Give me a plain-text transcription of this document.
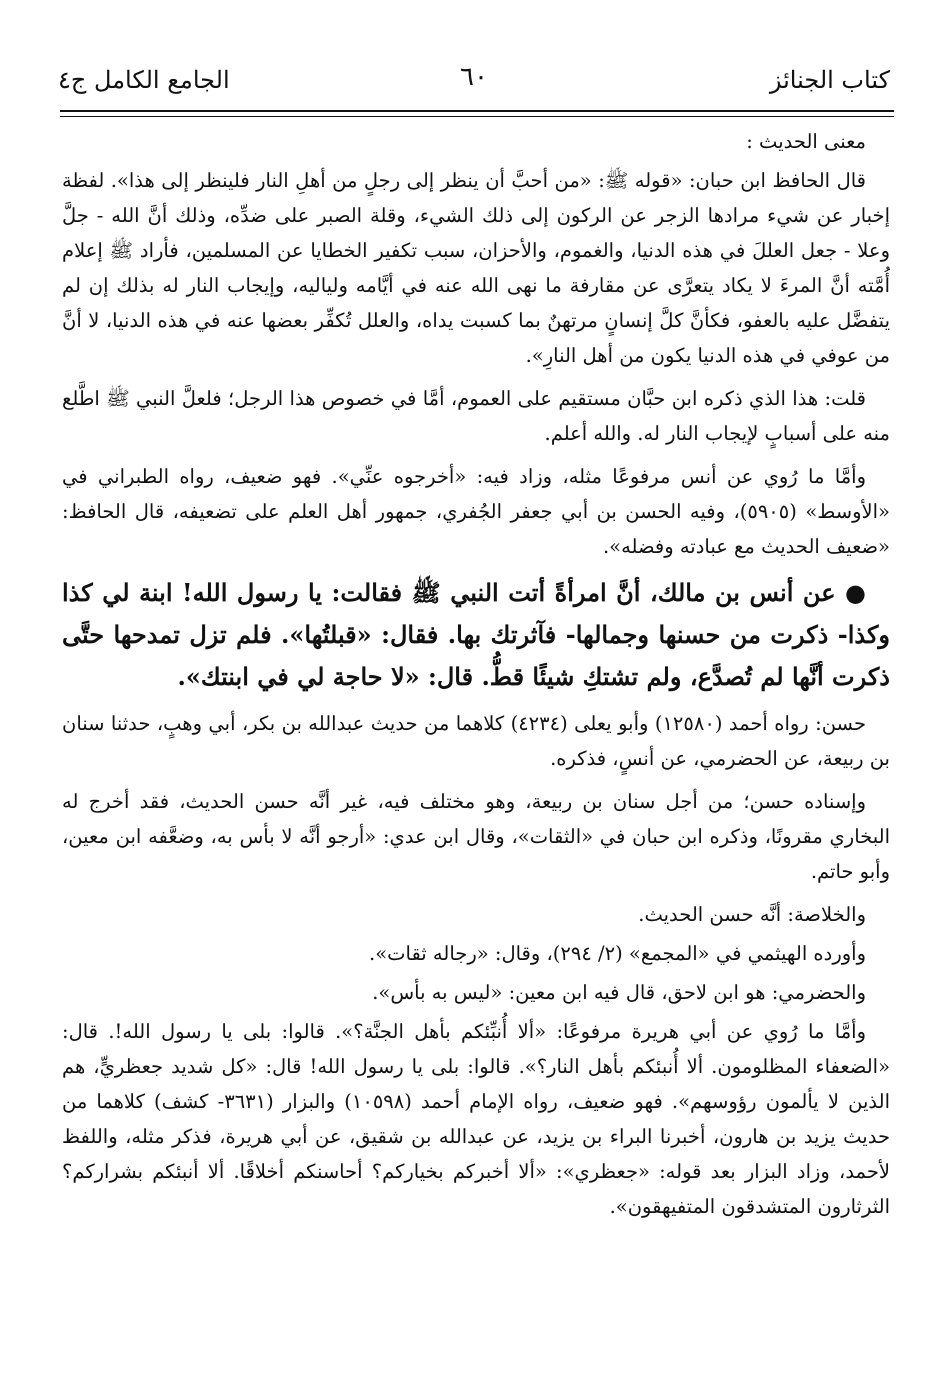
كتاب الجنائز
٦٠
الجامع الكامل ج٤

معنى الحديث :

قال الحافظ ابن حبان: «قوله ﷺ: «من أحبَّ أن ينظر إلى رجلٍ من أهلِ النار فلينظر إلى هذا». لفظة إخبار عن شيء مرادها الزجر عن الركون إلى ذلك الشيء، وقلة الصبر على ضدِّه، وذلك أنَّ الله - جلَّ وعلا - جعل العللَ في هذه الدنيا، والغموم، والأحزان، سبب تكفير الخطايا عن المسلمين، فأراد ﷺ إعلام أُمَّته أنَّ المرءَ لا يكاد يتعرَّى عن مقارفة ما نهى الله عنه في أيَّامه ولياليه، وإيجاب النار له بذلك إن لم يتفضَّل عليه بالعفو، فكأنَّ كلَّ إنسانٍ مرتهنٌ بما كسبت يداه، والعلل تُكفِّر بعضها عنه في هذه الدنيا، لا أنَّ من عوفي في هذه الدنيا يكون من أهل النارِ».

قلت: هذا الذي ذكره ابن حبَّان مستقيم على العموم، أمَّا في خصوص هذا الرجل؛ فلعلَّ النبي ﷺ اطَّلع منه على أسبابٍ لإيجاب النار له. والله أعلم.

وأمَّا ما رُوي عن أنس مرفوعًا مثله، وزاد فيه: «أخرجوه عنِّي». فهو ضعيف، رواه الطبراني في «الأوسط» (٥٩٠٥)، وفيه الحسن بن أبي جعفر الجُفري، جمهور أهل العلم على تضعيفه، قال الحافظ: «ضعيف الحديث مع عبادته وفضله».

● عن أنس بن مالك، أنَّ امرأةً أتت النبي ﷺ فقالت: يا رسول الله! ابنة لي كذا وكذا- ذكرت من حسنها وجمالها- فآثرتك بها. فقال: «قبلتُها». فلم تزل تمدحها حتَّى ذكرت أنَّها لم تُصدَّع، ولم تشتكِ شيئًا قطُّ. قال: «لا حاجة لي في ابنتك».

حسن: رواه أحمد (١٢٥٨٠) وأبو يعلى (٤٢٣٤) كلاهما من حديث عبدالله بن بكر، أبي وهبٍ، حدثنا سنان بن ربيعة، عن الحضرمي، عن أنسٍ، فذكره.

وإسناده حسن؛ من أجل سنان بن ربيعة، وهو مختلف فيه، غير أنَّه حسن الحديث، فقد أخرج له البخاري مقرونًا، وذكره ابن حبان في «الثقات»، وقال ابن عدي: «أرجو أنَّه لا بأس به، وضعَّفه ابن معين، وأبو حاتم.

والخلاصة: أنَّه حسن الحديث.

وأورده الهيثمي في «المجمع» (٢/ ٢٩٤)، وقال: «رجاله ثقات».

والحضرمي: هو ابن لاحق، قال فيه ابن معين: «ليس به بأس».

وأمَّا ما رُوي عن أبي هريرة مرفوعًا: «ألا أُنبِّئكم بأهل الجنَّة؟». قالوا: بلى يا رسول الله!. قال: «الضعفاء المظلومون. ألا أُنبئكم بأهل النار؟». قالوا: بلى يا رسول الله! قال: «كل شديد جعظريٍّ، هم الذين لا يألمون رؤوسهم». فهو ضعيف، رواه الإمام أحمد (١٠٥٩٨) والبزار (٣٦٣١- كشف) كلاهما من حديث يزيد بن هارون، أخبرنا البراء بن يزيد، عن عبدالله بن شقيق، عن أبي هريرة، فذكر مثله، واللفظ لأحمد، وزاد البزار بعد قوله: «جعظري»: «ألا أخبركم بخياركم؟ أحاسنكم أخلاقًا. ألا أنبئكم بشراركم؟ الثرثارون المتشدقون المتفيهقون».
